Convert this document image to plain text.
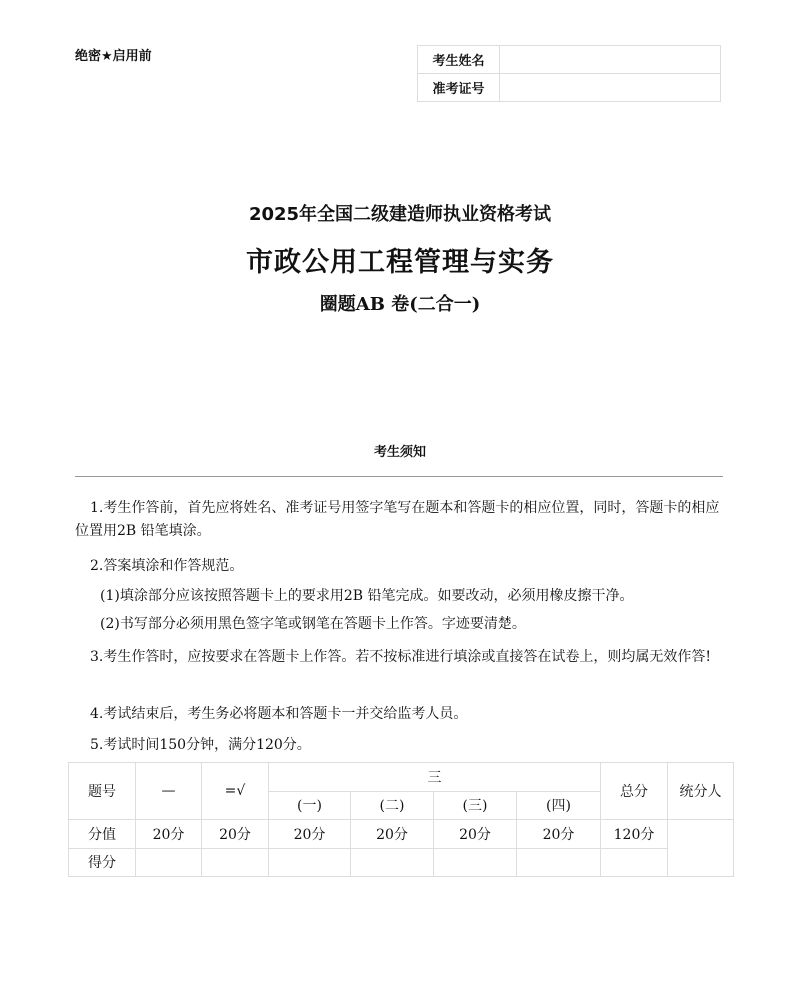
绝密★启用前	考生姓名	
准考证号	
2025年全国二级建造师执业资格考试
市政公用工程管理与实务
圈题AB 卷(二合一)
考生须知
1.考生作答前，首先应将姓名、准考证号用签字笔写在题本和答题卡的相应位置，同时，答题卡的相应位置用2B 铅笔填涂。
2.答案填涂和作答规范。
(1)填涂部分应该按照答题卡上的要求用2B 铅笔完成。如要改动，必须用橡皮擦干净。
(2)书写部分必须用黑色签字笔或钢笔在答题卡上作答。字迹要清楚。
3.考生作答时，应按要求在答题卡上作答。若不按标准进行填涂或直接答在试卷上，则均属无效作答!
4.考试结束后，考生务必将题本和答题卡一并交给监考人员。
5.考试时间150分钟，满分120分。
题号	—	=√	三				总分	统分人
			(一)	(二)	(三)	(四)		
分值	20分	20分	20分	20分	20分	20分	120分	
得分								
